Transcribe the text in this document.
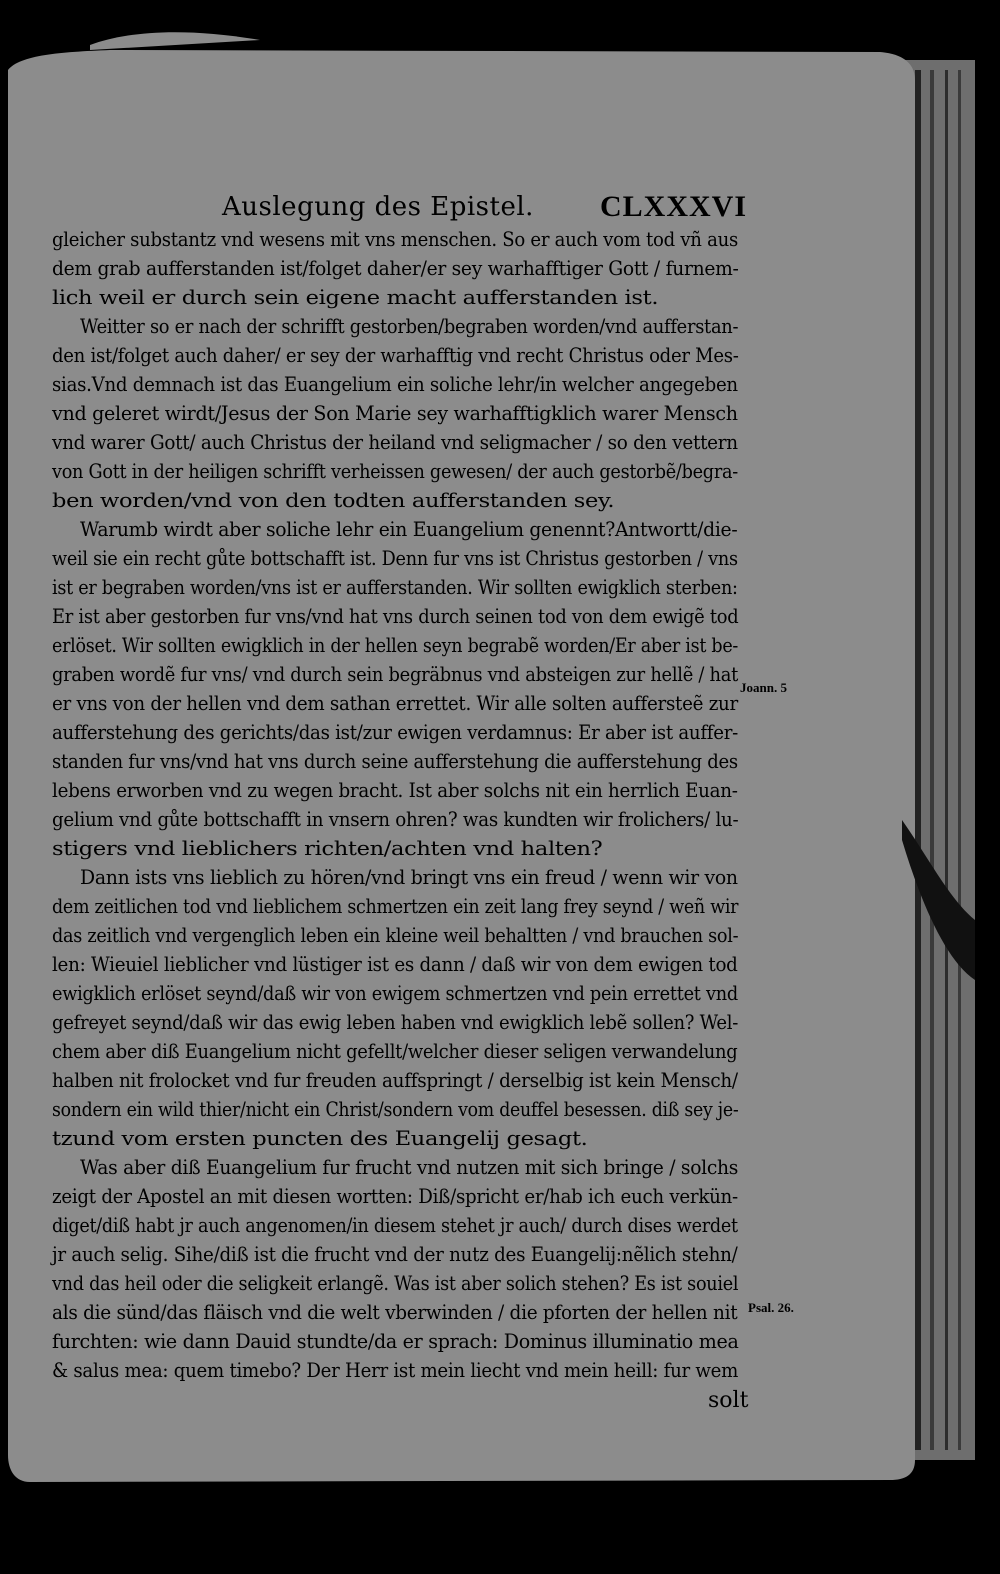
Auslegung des Epistel. CLXXXVI
gleicher substantz vnd wesens mit vns menschen. So er auch vom tod vñ aus
dem grab aufferstanden ist/folget daher/er sey warhafftiger Gott / furnem-
lich weil er durch sein eigene macht aufferstanden ist.
Weitter so er nach der schrifft gestorben/begraben worden/vnd aufferstan-
den ist/folget auch daher/ er sey der warhafftig vnd recht Christus oder Mes-
sias.Vnd demnach ist das Euangelium ein soliche lehr/in welcher angegeben
vnd geleret wirdt/Jesus der Son Marie sey warhafftigklich warer Mensch
vnd warer Gott/ auch Christus der heiland vnd seligmacher / so den vettern
von Gott in der heiligen schrifft verheissen gewesen/ der auch gestorbẽ/begra-
ben worden/vnd von den todten aufferstanden sey.
Warumb wirdt aber soliche lehr ein Euangelium genennt?Antwortt/die-
weil sie ein recht gůte bottschafft ist. Denn fur vns ist Christus gestorben / vns
ist er begraben worden/vns ist er aufferstanden. Wir sollten ewigklich sterben:
Er ist aber gestorben fur vns/vnd hat vns durch seinen tod von dem ewigẽ tod
erlöset. Wir sollten ewigklich in der hellen seyn begrabẽ worden/Er aber ist be-
graben wordẽ fur vns/ vnd durch sein begräbnus vnd absteigen zur hellẽ / hat
er vns von der hellen vnd dem sathan errettet. Wir alle solten auffersteẽ zur
aufferstehung des gerichts/das ist/zur ewigen verdamnus: Er aber ist auffer-
standen fur vns/vnd hat vns durch seine aufferstehung die aufferstehung des
lebens erworben vnd zu wegen bracht. Ist aber solchs nit ein herrlich Euan-
gelium vnd gůte bottschafft in vnsern ohren? was kundten wir frolichers/ lu-
stigers vnd lieblichers richten/achten vnd halten?
Dann ists vns lieblich zu hören/vnd bringt vns ein freud / wenn wir von
dem zeitlichen tod vnd lieblichem schmertzen ein zeit lang frey seynd / weñ wir
das zeitlich vnd vergenglich leben ein kleine weil behaltten / vnd brauchen sol-
len: Wieuiel lieblicher vnd lüstiger ist es dann / daß wir von dem ewigen tod
ewigklich erlöset seynd/daß wir von ewigem schmertzen vnd pein errettet vnd
gefreyet seynd/daß wir das ewig leben haben vnd ewigklich lebẽ sollen? Wel-
chem aber diß Euangelium nicht gefellt/welcher dieser seligen verwandelung
halben nit frolocket vnd fur freuden auffspringt / derselbig ist kein Mensch/
sondern ein wild thier/nicht ein Christ/sondern vom deuffel besessen. diß sey je-
tzund vom ersten puncten des Euangelij gesagt.
Was aber diß Euangelium fur frucht vnd nutzen mit sich bringe / solchs
zeigt der Apostel an mit diesen wortten: Diß/spricht er/hab ich euch verkün-
diget/diß habt jr auch angenomen/in diesem stehet jr auch/ durch dises werdet
jr auch selig. Sihe/diß ist die frucht vnd der nutz des Euangelij:nẽlich stehn/
vnd das heil oder die seligkeit erlangẽ. Was ist aber solich stehen? Es ist souiel
als die sünd/das fläisch vnd die welt vberwinden / die pforten der hellen nit
furchten: wie dann Dauid stundte/da er sprach: Dominus illuminatio mea
& salus mea: quem timebo? Der Herr ist mein liecht vnd mein heill: fur wem
Joann. 5
Psal. 26.
solt
